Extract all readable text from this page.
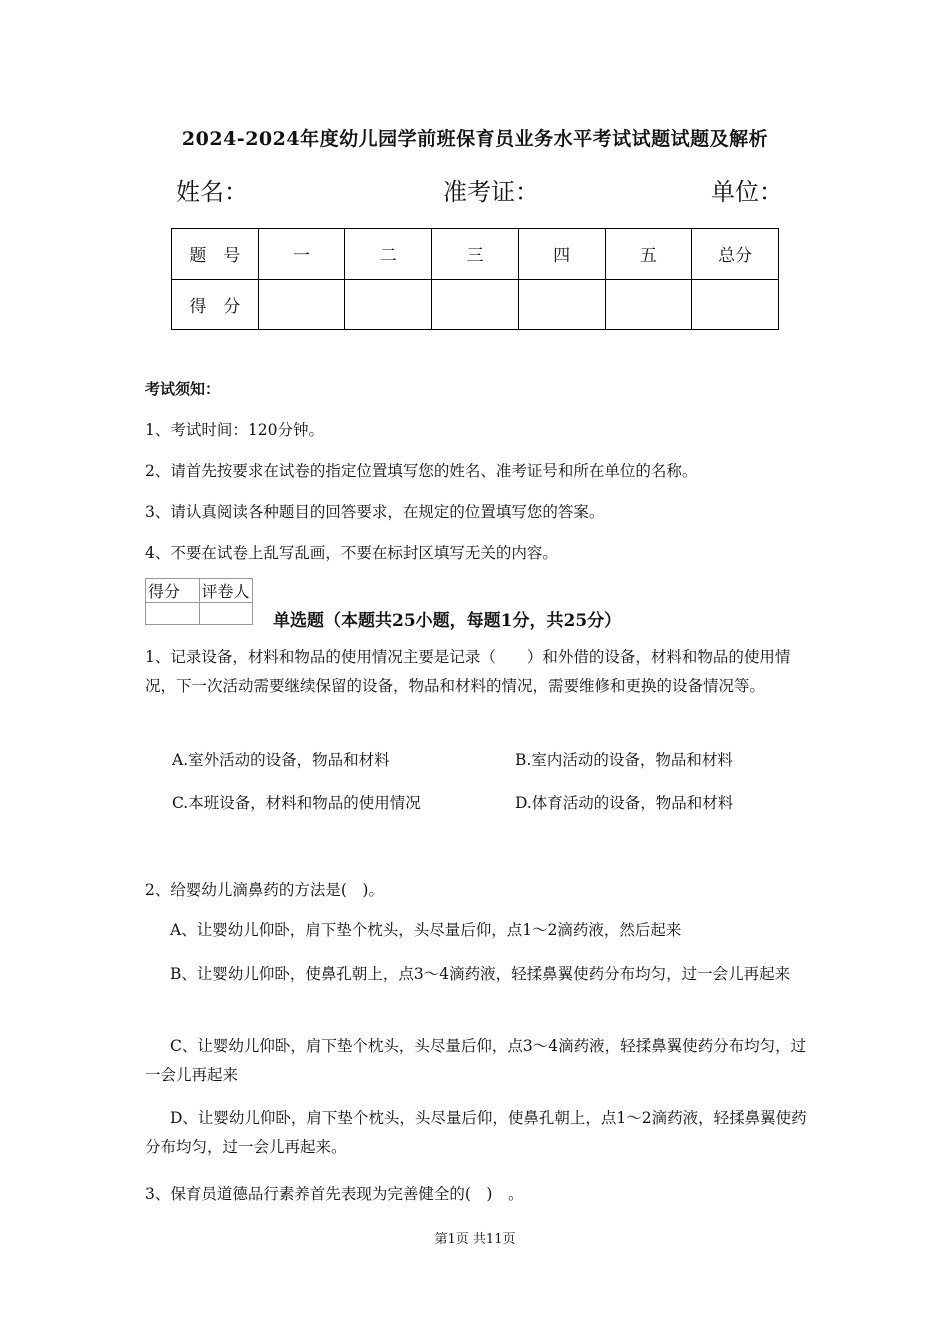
2024-2024年度幼儿园学前班保育员业务水平考试试题试题及解析
姓名：	准考证：	单位：
题　号	一	二	三	四	五	总分
得　分						
考试须知：
1、考试时间：120分钟。
2、请首先按要求在试卷的指定位置填写您的姓名、准考证号和所在单位的名称。
3、请认真阅读各种题目的回答要求，在规定的位置填写您的答案。
4、不要在试卷上乱写乱画，不要在标封区填写无关的内容。
得分	评卷人

单选题（本题共25小题，每题1分，共25分）
1、记录设备，材料和物品的使用情况主要是记录（　　）和外借的设备，材料和物品的使用情况，下一次活动需要继续保留的设备，物品和材料的情况，需要维修和更换的设备情况等。
A.室外活动的设备，物品和材料	B.室内活动的设备，物品和材料
C.本班设备，材料和物品的使用情况	D.体育活动的设备，物品和材料
2、给婴幼儿滴鼻药的方法是(　)。
A、让婴幼儿仰卧，肩下垫个枕头，头尽量后仰，点1～2滴药液，然后起来
B、让婴幼儿仰卧，使鼻孔朝上，点3～4滴药液，轻揉鼻翼使药分布均匀，过一会儿再起来
C、让婴幼儿仰卧，肩下垫个枕头，头尽量后仰，点3～4滴药液，轻揉鼻翼使药分布均匀，过一会儿再起来
D、让婴幼儿仰卧，肩下垫个枕头，头尽量后仰，使鼻孔朝上，点1～2滴药液，轻揉鼻翼使药分布均匀，过一会儿再起来。
3、保育员道德品行素养首先表现为完善健全的(　)　。
第1页 共11页
